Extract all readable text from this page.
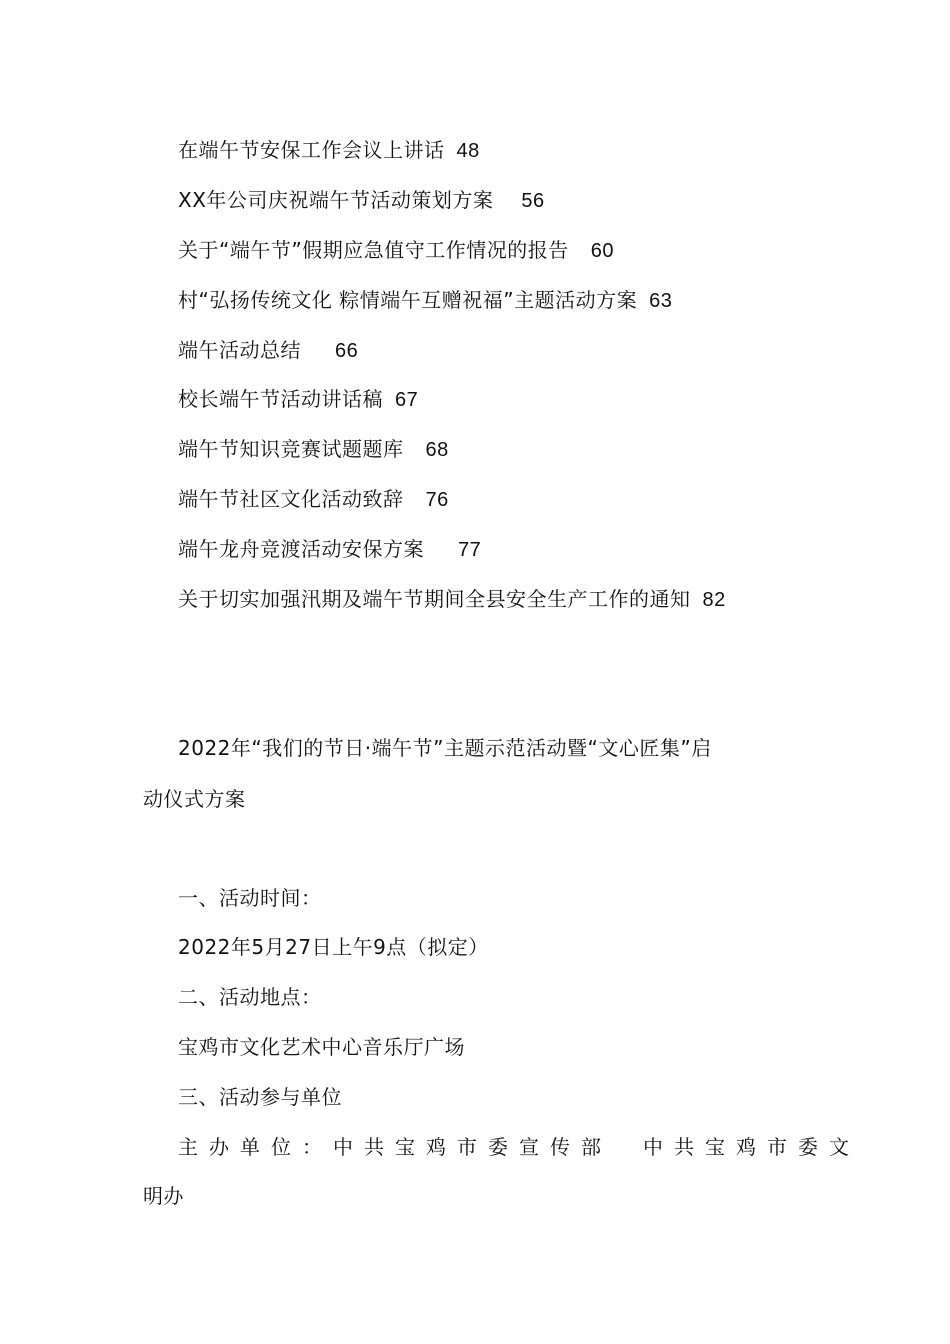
在端午节安保工作会议上讲话 48
XX年公司庆祝端午节活动策划方案 56
关于“端午节”假期应急值守工作情况的报告 60
村“弘扬传统文化 粽情端午互赠祝福”主题活动方案 63
端午活动总结 66
校长端午节活动讲话稿 67
端午节知识竞赛试题题库 68
端午节社区文化活动致辞 76
端午龙舟竞渡活动安保方案 77
关于切实加强汛期及端午节期间全县安全生产工作的通知 82
2022年“我们的节日·端午节”主题示范活动暨“文心匠集”启
动仪式方案
一、活动时间：
2022年5月27日上午9点（拟定）
二、活动地点：
宝鸡市文化艺术中心音乐厅广场
三、活动参与单位
主办单位：中共宝鸡市委宣传部　中共宝鸡市委文
明办
